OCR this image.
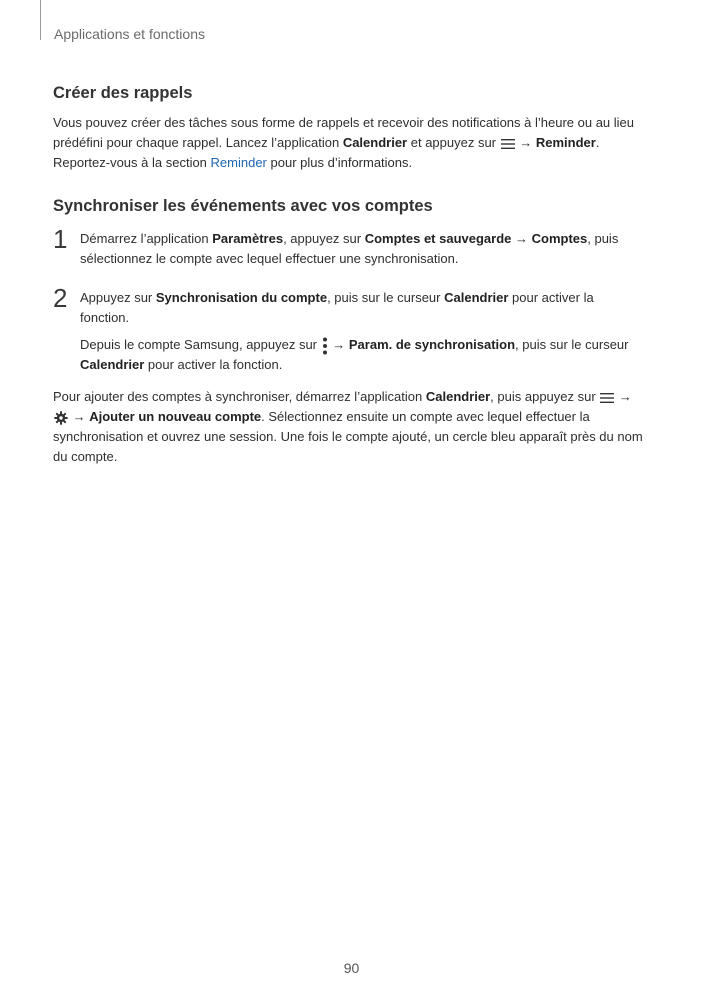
Applications et fonctions
Créer des rappels

Vous pouvez créer des tâches sous forme de rappels et recevoir des notifications à l’heure ou au lieu prédéfini pour chaque rappel. Lancez l’application Calendrier et appuyez sur  → Reminder.

Reportez-vous à la section Reminder pour plus d’informations.

Synchroniser les événements avec vos comptes
1 Démarrez l’application Paramètres, appuyez sur Comptes et sauvegarde → Comptes, puis sélectionnez le compte avec lequel effectuer une synchronisation.

2 Appuyez sur Synchronisation du compte, puis sur le curseur Calendrier pour activer la fonction.

Depuis le compte Samsung, appuyez sur  → Param. de synchronisation, puis sur le curseur Calendrier pour activer la fonction.

Pour ajouter des comptes à synchroniser, démarrez l’application Calendrier, puis appuyez sur  →  → Ajouter un nouveau compte. Sélectionnez ensuite un compte avec lequel effectuer la synchronisation et ouvrez une session. Une fois le compte ajouté, un cercle bleu apparaît près du nom du compte.

90
